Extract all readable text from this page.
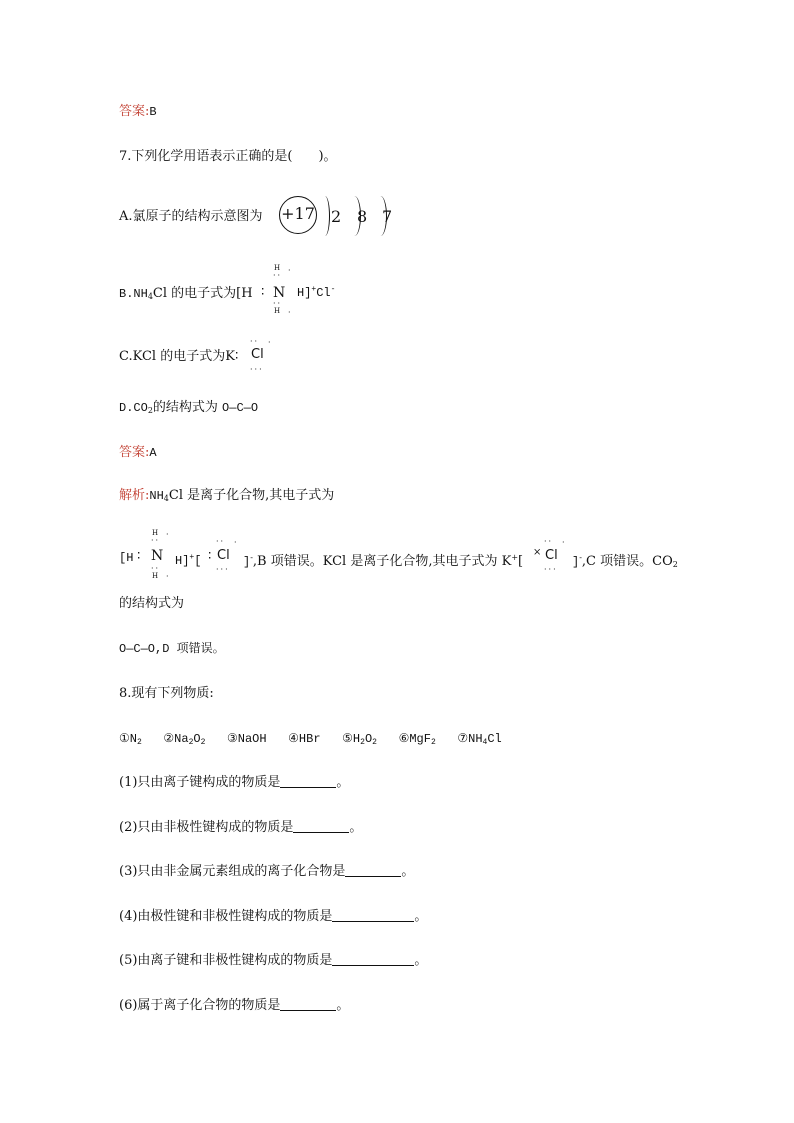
答案:B
7.下列化学用语表示正确的是( )。
A.氯原子的结构示意图为 +17 2 8 7
$B.NH_4Cl$ 的电子式为[H ∶
H
··
·
N
··
H ·
H]+Cl-
C.KCl 的电子式为K∶
·· ·
Cl
···
$D.CO_2$的结构式为 O—C—O
答案:A
解析$:NH_4Cl$ 是离子化合物,其电子式为
[H ∶
H
··
·
N
··
H ·
H]+[ ∶
·· ·
Cl
···
]-,B 项错误。KCl 是离子化合物,其电子式为 K+[
×
·· ·
Cl
···
]-,C 项错误。$CO_2$
的结构式为
O—C—O,D 项错误。
8.现有下列物质:
$①N_2$ $②Na_2O_2$ ③NaOH ④HBr $⑤H_2O_2$ ⑥MgF$_2$ $⑦NH_4Cl$
(1)只由离子键构成的物质是	。
(2)只由非极性键构成的物质是	。
(3)只由非金属元素组成的离子化合物是	。
(4)由极性键和非极性键构成的物质是	。
(5)由离子键和非极性键构成的物质是	。
(6)属于离子化合物的物质是	。
